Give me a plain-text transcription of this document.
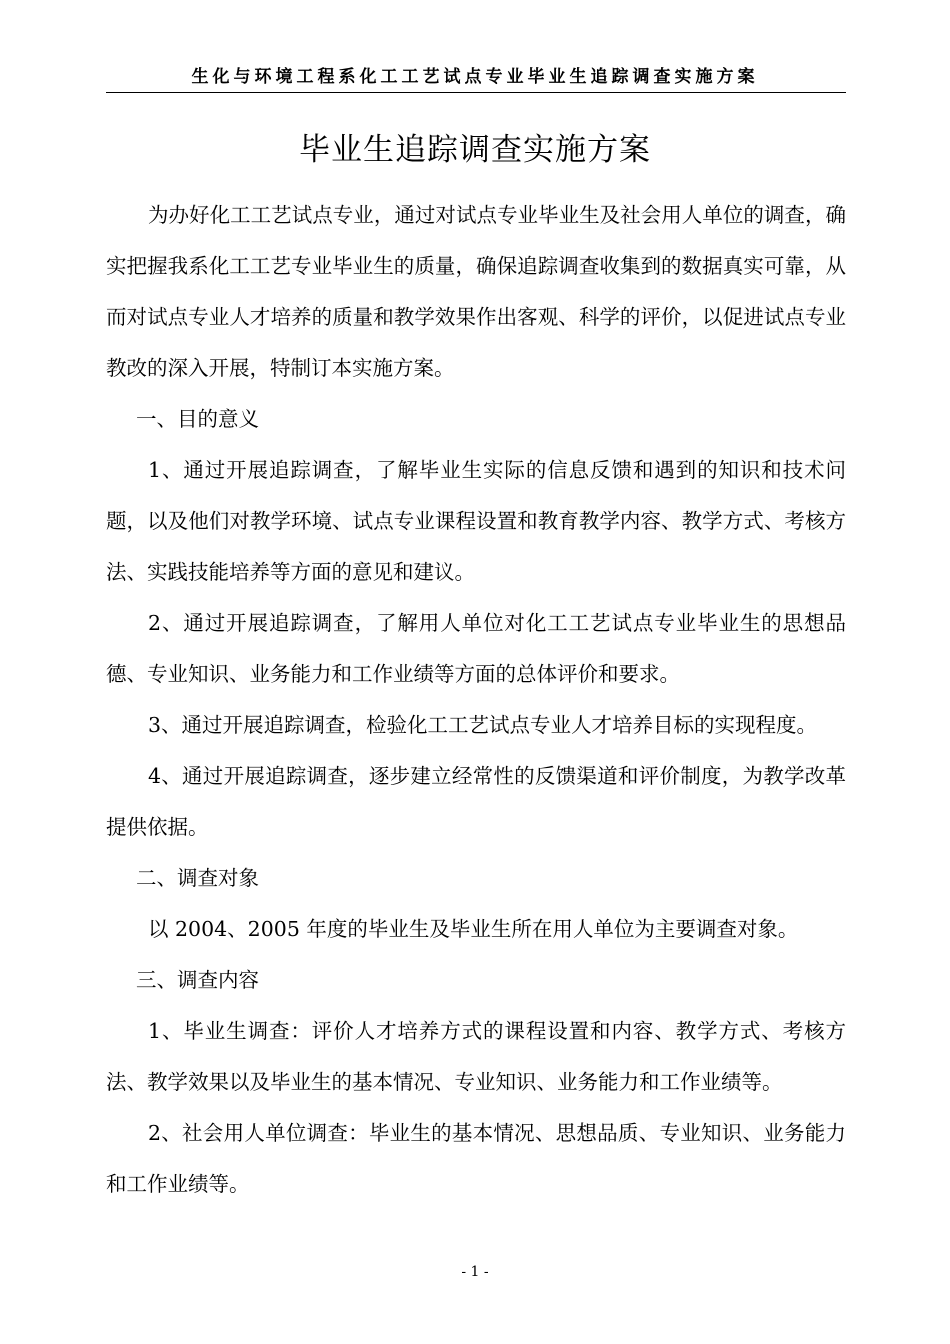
生化与环境工程系化工工艺试点专业毕业生追踪调查实施方案
毕业生追踪调查实施方案

为办好化工工艺试点专业，通过对试点专业毕业生及社会用人单位的调查，确实把握我系化工工艺专业毕业生的质量，确保追踪调查收集到的数据真实可靠，从而对试点专业人才培养的质量和教学效果作出客观、科学的评价，以促进试点专业教改的深入开展，特制订本实施方案。

一、目的意义

1、通过开展追踪调查，了解毕业生实际的信息反馈和遇到的知识和技术问题，以及他们对教学环境、试点专业课程设置和教育教学内容、教学方式、考核方法、实践技能培养等方面的意见和建议。

2、通过开展追踪调查，了解用人单位对化工工艺试点专业毕业生的思想品德、专业知识、业务能力和工作业绩等方面的总体评价和要求。

3、通过开展追踪调查，检验化工工艺试点专业人才培养目标的实现程度。

4、通过开展追踪调查，逐步建立经常性的反馈渠道和评价制度，为教学改革提供依据。

二、调查对象

以 2004、2005 年度的毕业生及毕业生所在用人单位为主要调查对象。

三、调查内容

1、毕业生调查：评价人才培养方式的课程设置和内容、教学方式、考核方法、教学效果以及毕业生的基本情况、专业知识、业务能力和工作业绩等。

2、社会用人单位调查：毕业生的基本情况、思想品质、专业知识、业务能力和工作业绩等。

- 1 -
